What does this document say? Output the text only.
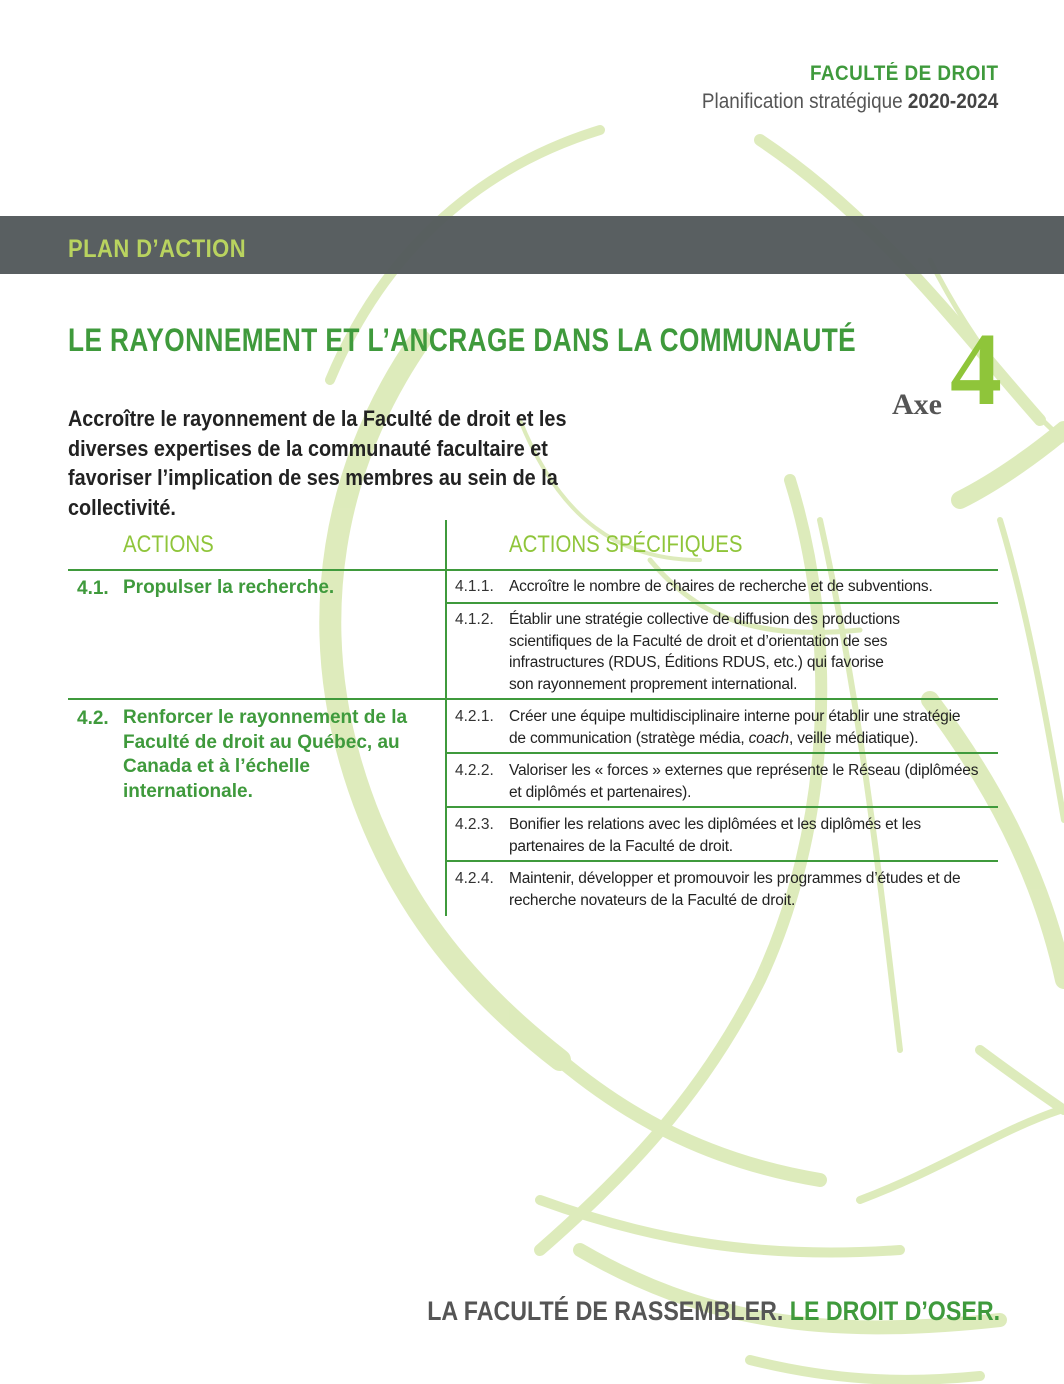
FACULTÉ DE DROIT
Planification stratégique 2020-2024
PLAN D’ACTION
LE RAYONNEMENT ET L’ANCRAGE DANS LA COMMUNAUTÉ 4
Axe
Accroître le rayonnement de la Faculté de droit et les diverses expertises de la communauté facultaire et favoriser l’implication de ses membres au sein de la collectivité.
ACTIONS	ACTIONS SPÉCIFIQUES
4.1. Propulser la recherche.
4.2. Renforcer le rayonnement de la Faculté de droit au Québec, au Canada et à l’échelle internationale.
4.1.1. Accroître le nombre de chaires de recherche et de subventions.
4.1.2. Établir une stratégie collective de diffusion des productions scientifiques de la Faculté de droit et d’orientation de ses infrastructures (RDUS, Éditions RDUS, etc.) qui favorise son rayonnement proprement international.
4.2.1. Créer une équipe multidisciplinaire interne pour établir une stratégie de communication (stratège média, coach, veille médiatique).
4.2.2. Valoriser les « forces » externes que représente le Réseau (diplômées et diplômés et partenaires).
4.2.3. Bonifier les relations avec les diplômées et les diplômés et les partenaires de la Faculté de droit.
4.2.4. Maintenir, développer et promouvoir les programmes d’études et de recherche novateurs de la Faculté de droit.
LA FACULTÉ DE RASSEMBLER. LE DROIT D’OSER.
